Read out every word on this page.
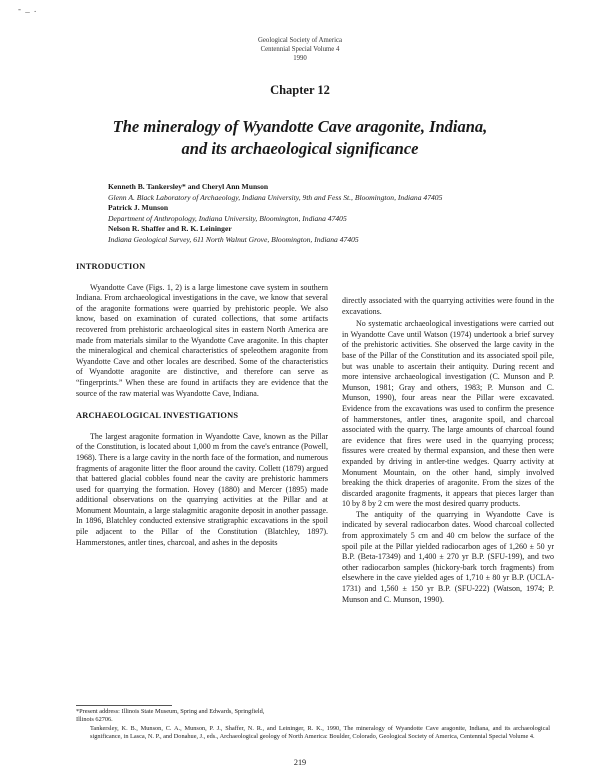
- _ .
Geological Society of America
Centennial Special Volume 4
1990
Chapter 12
The mineralogy of Wyandotte Cave aragonite, Indiana,
and its archaeological significance
Kenneth B. Tankersley* and Cheryl Ann Munson
Glenn A. Black Laboratory of Archaeology, Indiana University, 9th and Fess St., Bloomington, Indiana 47405
Patrick J. Munson
Department of Anthropology, Indiana University, Bloomington, Indiana 47405
Nelson R. Shaffer and R. K. Leininger
Indiana Geological Survey, 611 North Walnut Grove, Bloomington, Indiana 47405
INTRODUCTION

Wyandotte Cave (Figs. 1, 2) is a large limestone cave system in southern Indiana. From archaeological investigations in the cave, we know that several of the aragonite formations were quarried by prehistoric people. We also know, based on examination of curated collections, that some artifacts recovered from prehistoric archaeological sites in eastern North America are made from materials similar to the Wyandotte Cave aragonite. In this chapter the mineralogical and chemical characteristics of speleothem aragonite from Wyandotte Cave and other locales are described. Some of the characteristics of Wyandotte aragonite are distinctive, and therefore can serve as “fingerprints.” When these are found in artifacts they are evidence that the source of the raw material was Wyandotte Cave, Indiana.

ARCHAEOLOGICAL INVESTIGATIONS

The largest aragonite formation in Wyandotte Cave, known as the Pillar of the Constitution, is located about 1,000 m from the cave's entrance (Powell, 1968). There is a large cavity in the north face of the formation, and numerous fragments of aragonite litter the floor around the cavity. Collett (1879) argued that battered glacial cobbles found near the cavity are prehistoric hammers used for quarrying the formation. Hovey (1880) and Mercer (1895) made additional observations on the quarrying activities at the Pillar and at Monument Mountain, a large stalagmitic aragonite deposit in another passage. In 1896, Blatchley conducted extensive stratigraphic excavations in the spoil pile adjacent to the Pillar of the Constitution (Blatchley, 1897). Hammerstones, antler tines, charcoal, and ashes in the deposits

directly associated with the quarrying activities were found in the excavations.

No systematic archaeological investigations were carried out in Wyandotte Cave until Watson (1974) undertook a brief survey of the prehistoric activities. She observed the large cavity in the base of the Pillar of the Constitution and its associated spoil pile, but was unable to ascertain their antiquity. During recent and more intensive archaeological investigation (C. Munson and P. Munson, 1981; Gray and others, 1983; P. Munson and C. Munson, 1990), four areas near the Pillar were excavated. Evidence from the excavations was used to confirm the presence of hammerstones, antler tines, aragonite spoil, and charcoal associated with the quarry. The large amounts of charcoal found are evidence that fires were used in the quarrying process; fissures were created by thermal expansion, and these then were expanded by driving in antler-tine wedges. Quarry activity at Monument Mountain, on the other hand, simply involved breaking the thick draperies of aragonite. From the sizes of the discarded aragonite fragments, it appears that pieces larger than 10 by 8 by 2 cm were the most desired quarry products.

The antiquity of the quarrying in Wyandotte Cave is indicated by several radiocarbon dates. Wood charcoal collected from approximately 5 cm and 40 cm below the surface of the spoil pile at the Pillar yielded radiocarbon ages of 1,260 ± 50 yr B.P. (Beta-17349) and 1,400 ± 270 yr B.P. (SFU-199), and two other radiocarbon samples (hickory-bark torch fragments) from elsewhere in the cave yielded ages of 1,710 ± 80 yr B.P. (UCLA-1731) and 1,560 ± 150 yr B.P. (SFU-222) (Watson, 1974; P. Munson and C. Munson, 1990).

*Present address: Illinois State Museum, Spring and Edwards, Springfield,
Illinois 62706.
Tankersley, K. B., Munson, C. A., Munson, P. J., Shaffer, N. R., and Leininger, R. K., 1990, The mineralogy of Wyandotte Cave aragonite, Indiana, and its archaeological significance, in Lasca, N. P., and Donahue, J., eds., Archaeological geology of North America: Boulder, Colorado, Geological Society of America, Centennial Special Volume 4.
219
